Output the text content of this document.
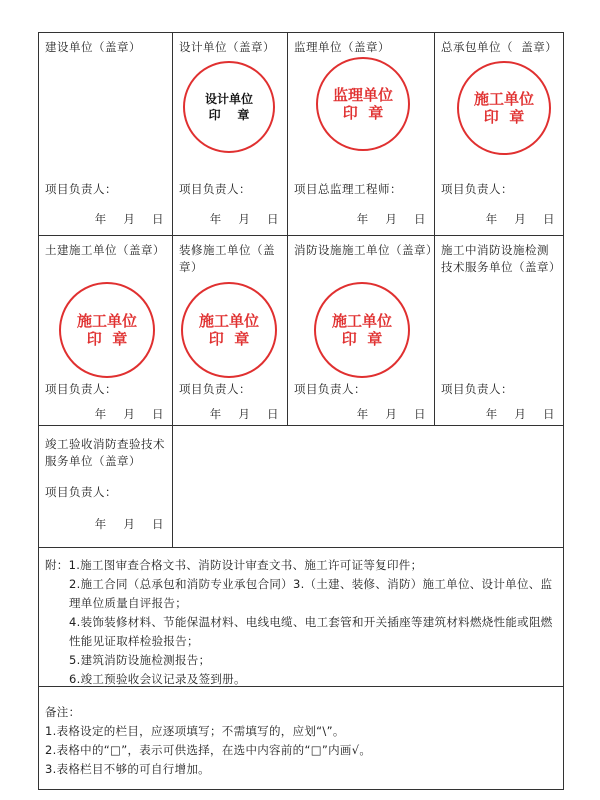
建设单位（盖章）
项目负责人：
年    月    日
设计单位（盖章）
设计单位
印    章
项目负责人：
年    月    日
监理单位（盖章）
监理单位
印  章
项目总监理工程师：
年    月    日
总承包单位（  盖章）
施工单位
印  章
项目负责人：
年    月    日
土建施工单位（盖章）
施工单位
印  章
项目负责人：
年    月    日
装修施工单位（盖章）
施工单位
印  章
项目负责人：
年    月    日
消防设施施工单位（盖章）
施工单位
印  章
项目负责人：
年    月    日
施工中消防设施检测技术服务单位（盖章）
项目负责人：
年    月    日
竣工验收消防查验技术服务单位（盖章）
项目负责人：
年    月    日
附：1.施工图审查合格文书、消防设计审查文书、施工许可证等复印件；
2.施工合同（总承包和消防专业承包合同）3.（土建、装修、消防）施工单位、设计单位、监理单位质量自评报告；
4.装饰装修材料、节能保温材料、电线电缆、电工套管和开关插座等建筑材料燃烧性能或阻燃性能见证取样检验报告；
5.建筑消防设施检测报告；
6.竣工预验收会议记录及签到册。
备注：
1.表格设定的栏目，应逐项填写；不需填写的，应划“\”。
2.表格中的“□”，表示可供选择，在选中内容前的“□”内画√。
3.表格栏目不够的可自行增加。
